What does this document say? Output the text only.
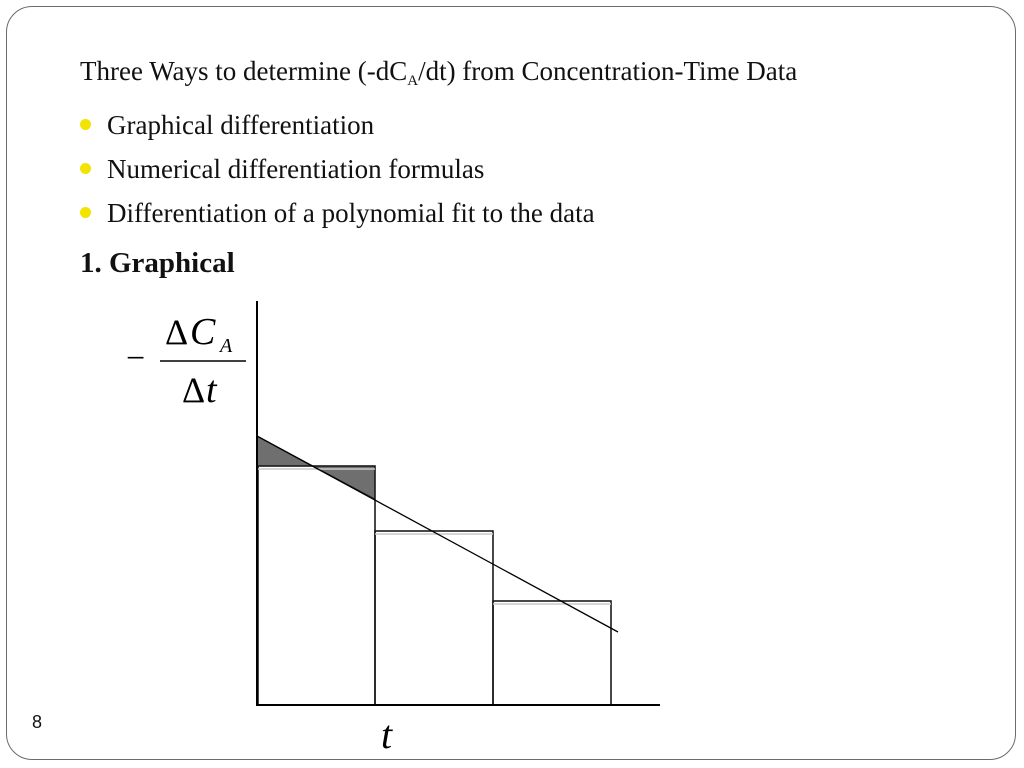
Three Ways to determine $(-dC_A/dt)$ from Concentration-Time Data
Graphical differentiation
Numerical differentiation formulas
Differentiation of a polynomial fit to the data
1. Graphical
−
Δ C A
Δ t
t
8
